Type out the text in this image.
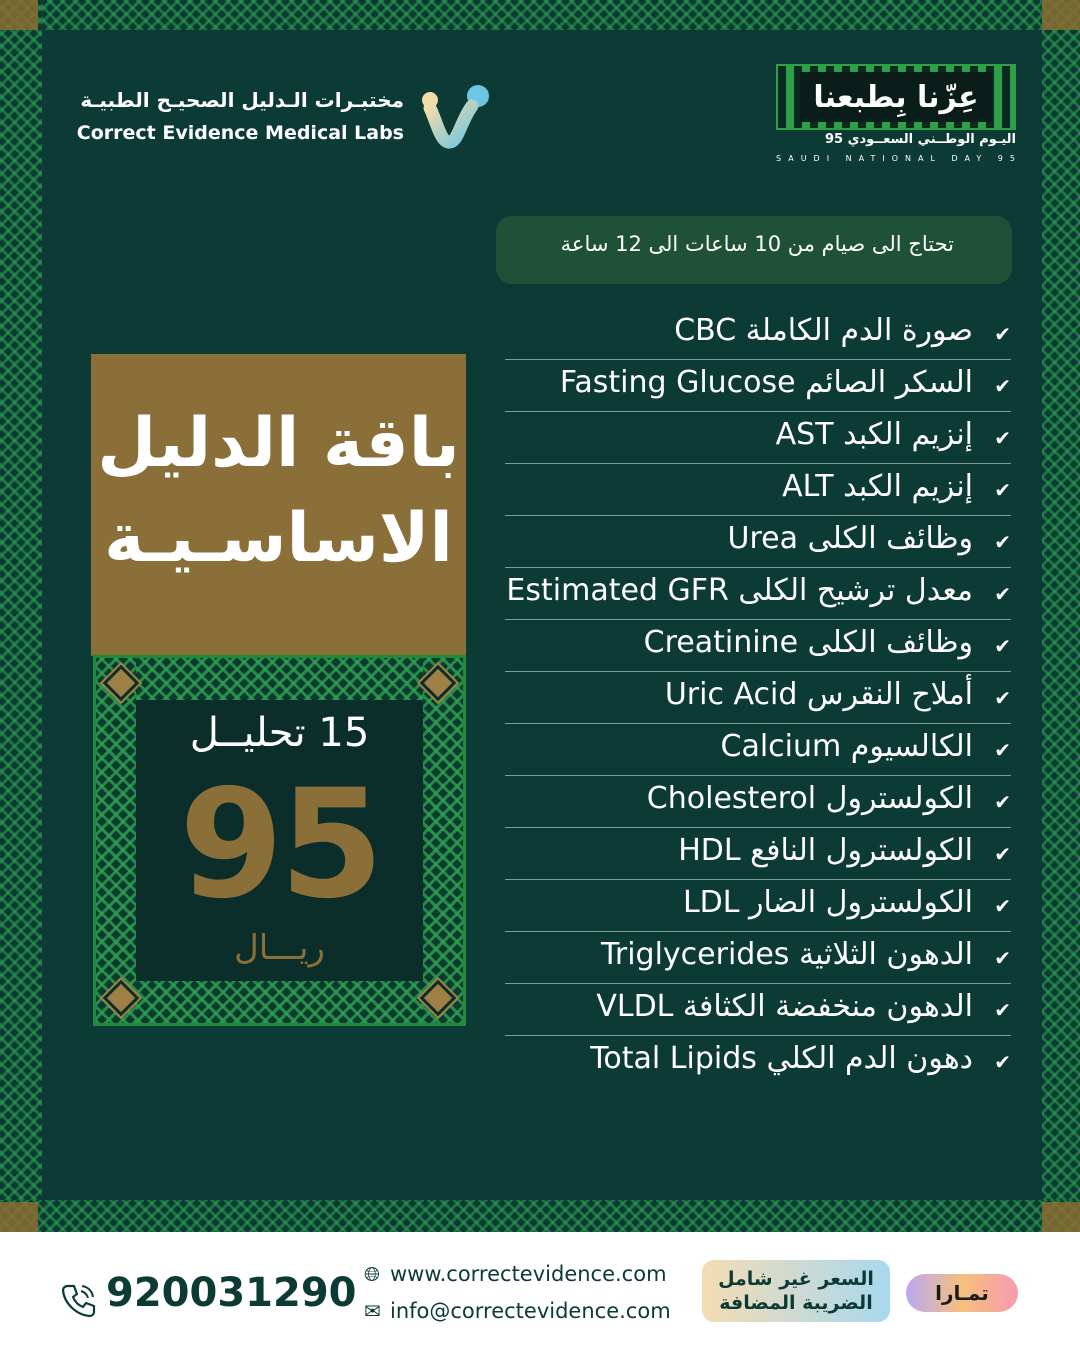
مختبـرات الـدليل الصحيـح الطبيـة
Correct Evidence Medical Labs
عِزّنا بِطبعنا
اليـوم الوطــني السعــودي 95
SAUDI NATIONAL DAY 95
تحتاج الى صيام من 10 ساعات الى 12 ساعة
صورة الدم الكاملة CBC ✔
السكر الصائم Fasting Glucose ✔
إنزيم الكبد AST ✔
إنزيم الكبد ALT ✔
وظائف الكلى Urea ✔
معدل ترشيح الكلى Estimated GFR ✔
وظائف الكلى Creatinine ✔
أملاح النقرس Uric Acid ✔
الكالسيوم Calcium ✔
الكولسترول Cholesterol ✔
الكولسترول النافع HDL ✔
الكولسترول الضار LDL ✔
الدهون الثلاثية Triglycerides ✔
الدهون منخفضة الكثافة VLDL ✔
دهون الدم الكلي Total Lipids ✔
باقة الدليل
الاساسـيـة
15 تحليــل
95
ريـــال
920031290 🌐︎ www.correctevidence.com
✉ info@correctevidence.com
السعر غير شامل
الضريبة المضافة	تمـارا
